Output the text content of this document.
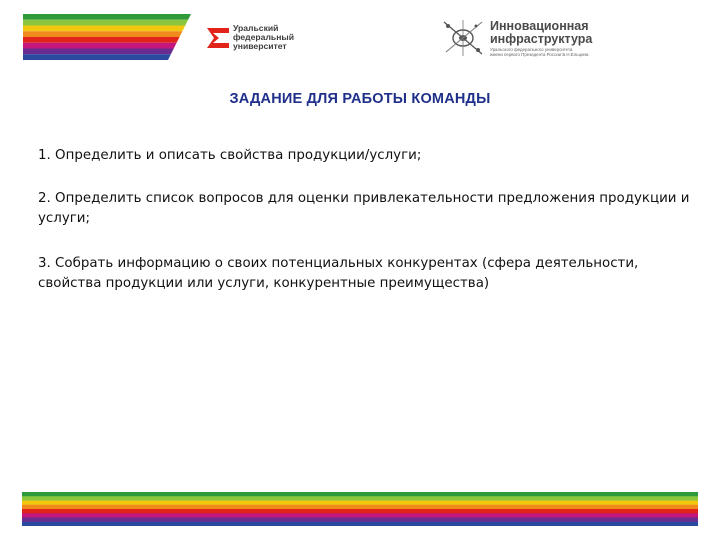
Уральский
федеральный
университет
Инновационная
инфраструктура
Уральского федерального университета
имени первого Президента России Б.Н.Ельцина
ЗАДАНИЕ ДЛЯ РАБОТЫ КОМАНДЫ
1. Определить и описать свойства продукции/услуги;
2. Определить список вопросов для оценки привлекательности предложения продукции и услуги;
3. Собрать информацию о своих потенциальных конкурентах (сфера деятельности, свойства продукции или услуги, конкурентные преимущества)
